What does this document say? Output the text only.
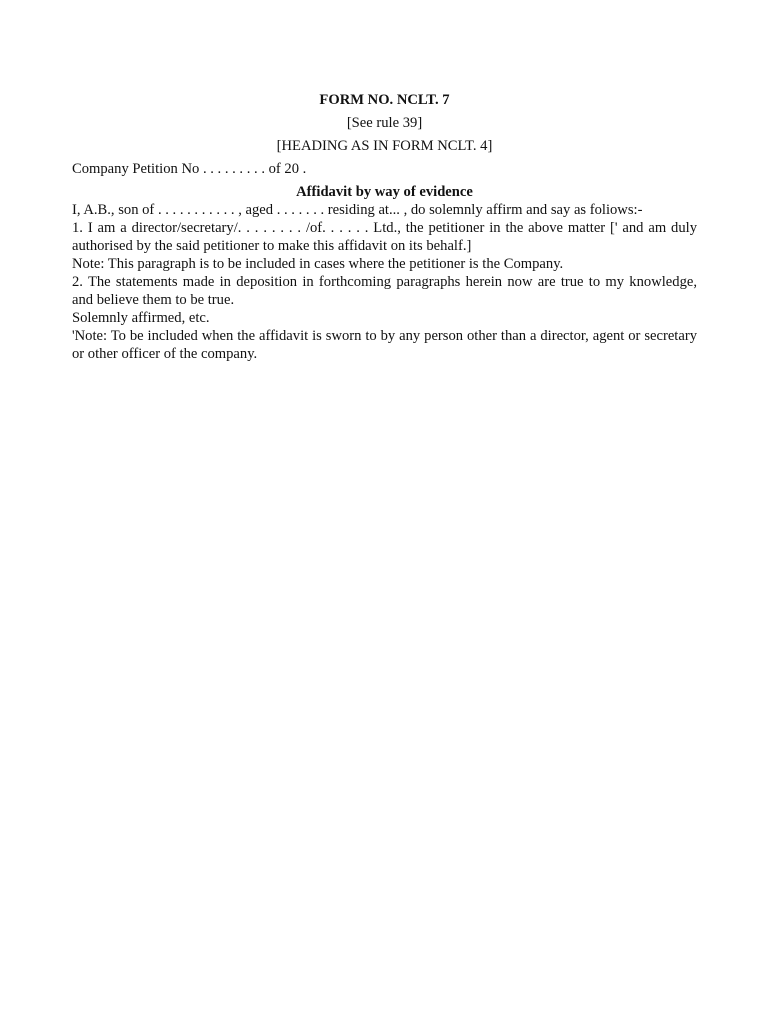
FORM NO. NCLT. 7

[See rule 39]

[HEADING AS IN FORM NCLT. 4]

Company Petition No . . . . . . . . . of 20 .

Affidavit by way of evidence

I, A.B., son of . . . . . . . . . . . , aged . . . . . . . residing at... , do solemnly affirm and say as foliows:-

1. I am a director/secretary/. . . . . . . . /of. . . . . . Ltd., the petitioner in the above matter [' and am duly authorised by the said petitioner to make this affidavit on its behalf.]

Note: This paragraph is to be included in cases where the petitioner is the Company.

2. The statements made in deposition in forthcoming paragraphs herein now are true to my knowledge, and believe them to be true.

Solemnly affirmed, etc.

'Note: To be included when the affidavit is sworn to by any person other than a director, agent or secretary or other officer of the company.
